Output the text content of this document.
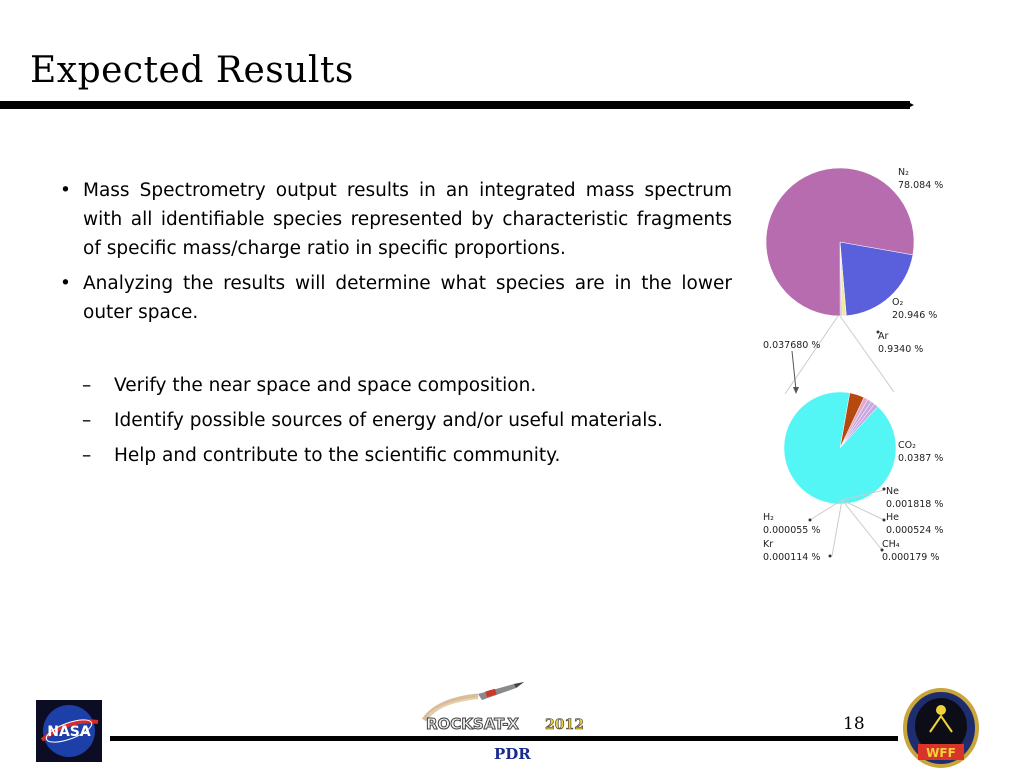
Expected Results
• Mass Spectrometry output results in an integrated mass spectrum with all identifiable species represented by characteristic fragments of specific mass/charge ratio in specific proportions.
• Analyzing the results will determine what species are in the lower outer space.
– Verify the near space and space composition.
– Identify possible sources of energy and/or useful materials.
– Help and contribute to the scientific community.
N₂
78.084 %
O₂
20.946 %
Ar
0.9340 %
0.037680 %
CO₂
0.0387 %
Ne
0.001818 %
He
0.000524 %
CH₄
0.000179 %
Kr
0.000114 %
H₂
0.000055 %
18
NASA	ROCKSAT-X 2012
PDR	WFF
